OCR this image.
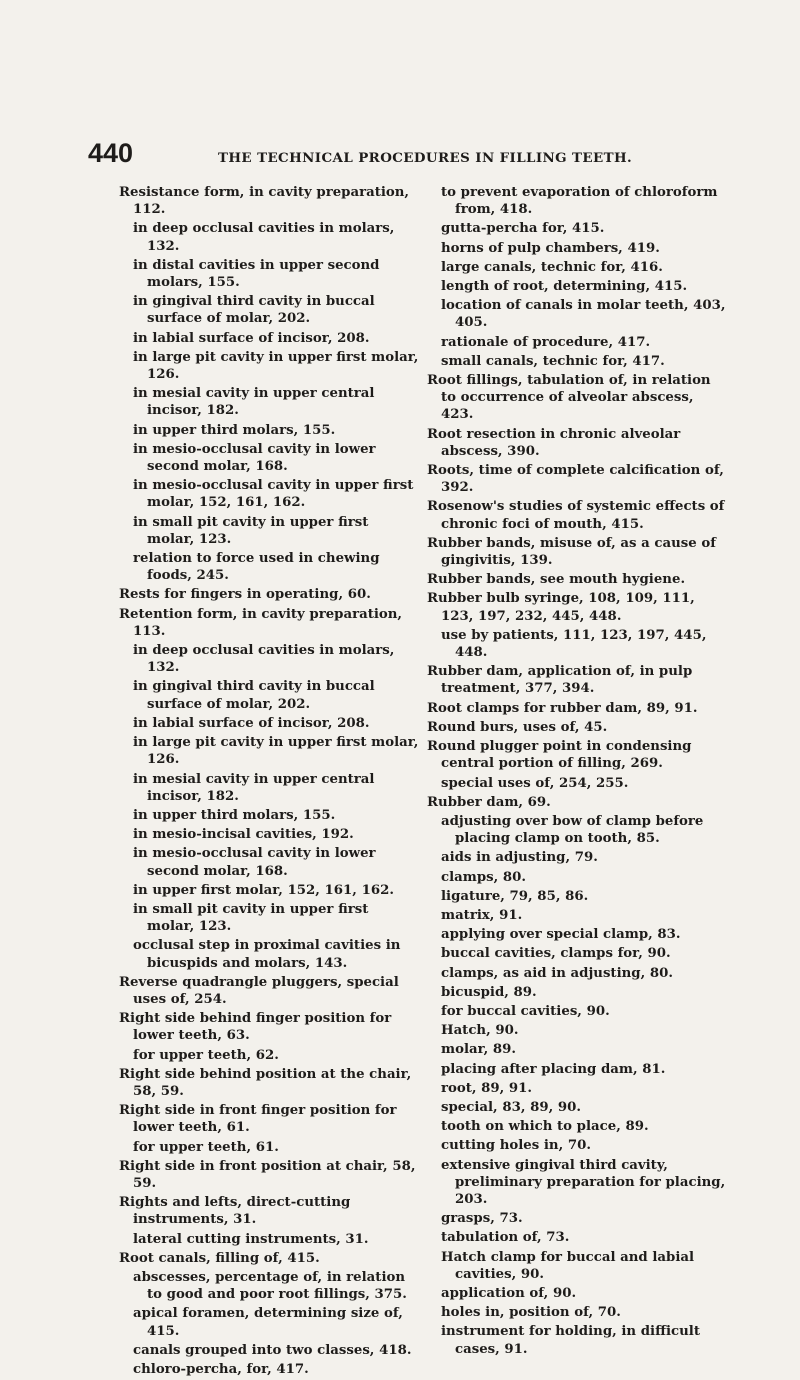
440	THE TECHNICAL PROCEDURES IN FILLING TEETH.
Resistance form, in cavity preparation, 112.
in deep occlusal cavities in molars, 132.
in distal cavities in upper second molars, 155.
in gingival third cavity in buccal surface of molar, 202.
in labial surface of incisor, 208.
in large pit cavity in upper first molar, 126.
in mesial cavity in upper central incisor, 182.
in upper third molars, 155.
in mesio-occlusal cavity in lower second molar, 168.
in mesio-occlusal cavity in upper first molar, 152, 161, 162.
in small pit cavity in upper first molar, 123.
relation to force used in chewing foods, 245.
Rests for fingers in operating, 60.
Retention form, in cavity preparation, 113.
in deep occlusal cavities in molars, 132.
in gingival third cavity in buccal surface of molar, 202.
in labial surface of incisor, 208.
in large pit cavity in upper first molar, 126.
in mesial cavity in upper central incisor, 182.
in upper third molars, 155.
in mesio-incisal cavities, 192.
in mesio-occlusal cavity in lower second molar, 168.
in upper first molar, 152, 161, 162.
in small pit cavity in upper first molar, 123.
occlusal step in proximal cavities in bicuspids and molars, 143.
Reverse quadrangle pluggers, special uses of, 254.
Right side behind finger position for lower teeth, 63.
for upper teeth, 62.
Right side behind position at the chair, 58, 59.
Right side in front finger position for lower teeth, 61.
for upper teeth, 61.
Right side in front position at chair, 58, 59.
Rights and lefts, direct-cutting instruments, 31.
lateral cutting instruments, 31.
Root canals, filling of, 415.
abscesses, percentage of, in relation to good and poor root fillings, 375.
apical foramen, determining size of, 415.
canals grouped into two classes, 418.
chloro-percha, for, 417.
to prevent evaporation of chloroform from, 418.
gutta-percha for, 415.
horns of pulp chambers, 419.
large canals, technic for, 416.
length of root, determining, 415.
location of canals in molar teeth, 403, 405.
rationale of procedure, 417.
small canals, technic for, 417.
Root fillings, tabulation of, in relation to occurrence of alveolar abscess, 423.
Root resection in chronic alveolar abscess, 390.
Roots, time of complete calcification of, 392.
Rosenow's studies of systemic effects of chronic foci of mouth, 415.
Rubber bands, misuse of, as a cause of gingivitis, 139.
Rubber bands, see mouth hygiene.
Rubber bulb syringe, 108, 109, 111, 123, 197, 232, 445, 448.
use by patients, 111, 123, 197, 445, 448.
Rubber dam, application of, in pulp treatment, 377, 394.
Root clamps for rubber dam, 89, 91.
Round burs, uses of, 45.
Round plugger point in condensing central portion of filling, 269.
special uses of, 254, 255.
Rubber dam, 69.
adjusting over bow of clamp before placing clamp on tooth, 85.
aids in adjusting, 79.
clamps, 80.
ligature, 79, 85, 86.
matrix, 91.
applying over special clamp, 83.
buccal cavities, clamps for, 90.
clamps, as aid in adjusting, 80.
bicuspid, 89.
for buccal cavities, 90.
Hatch, 90.
molar, 89.
placing after placing dam, 81.
root, 89, 91.
special, 83, 89, 90.
tooth on which to place, 89.
cutting holes in, 70.
extensive gingival third cavity, preliminary preparation for placing, 203.
grasps, 73.
tabulation of, 73.
Hatch clamp for buccal and labial cavities, 90.
application of, 90.
holes in, position of, 70.
instrument for holding, in difficult cases, 91.
